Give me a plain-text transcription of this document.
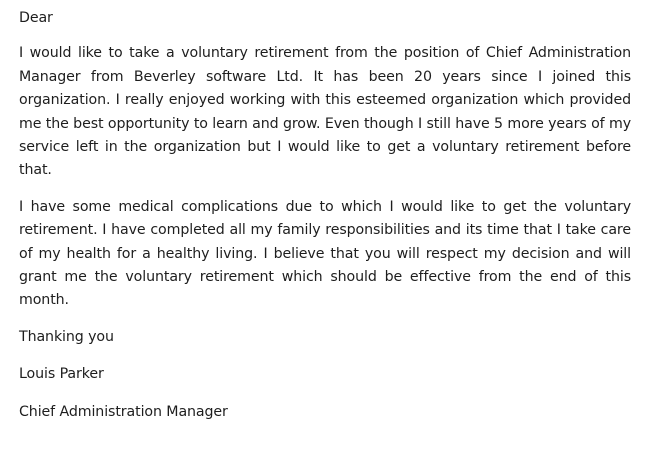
Dear
I would like to take a voluntary retirement from the position of Chief Administration Manager from Beverley software Ltd. It has been 20 years since I joined this organization. I really enjoyed working with this esteemed organization which provided me the best opportunity to learn and grow. Even though I still have 5 more years of my service left in the organization but I would like to get a voluntary retirement before that.
I have some medical complications due to which I would like to get the voluntary retirement. I have completed all my family responsibilities and its time that I take care of my health for a healthy living. I believe that you will respect my decision and will grant me the voluntary retirement which should be effective from the end of this month.
Thanking you
Louis Parker
Chief Administration Manager
